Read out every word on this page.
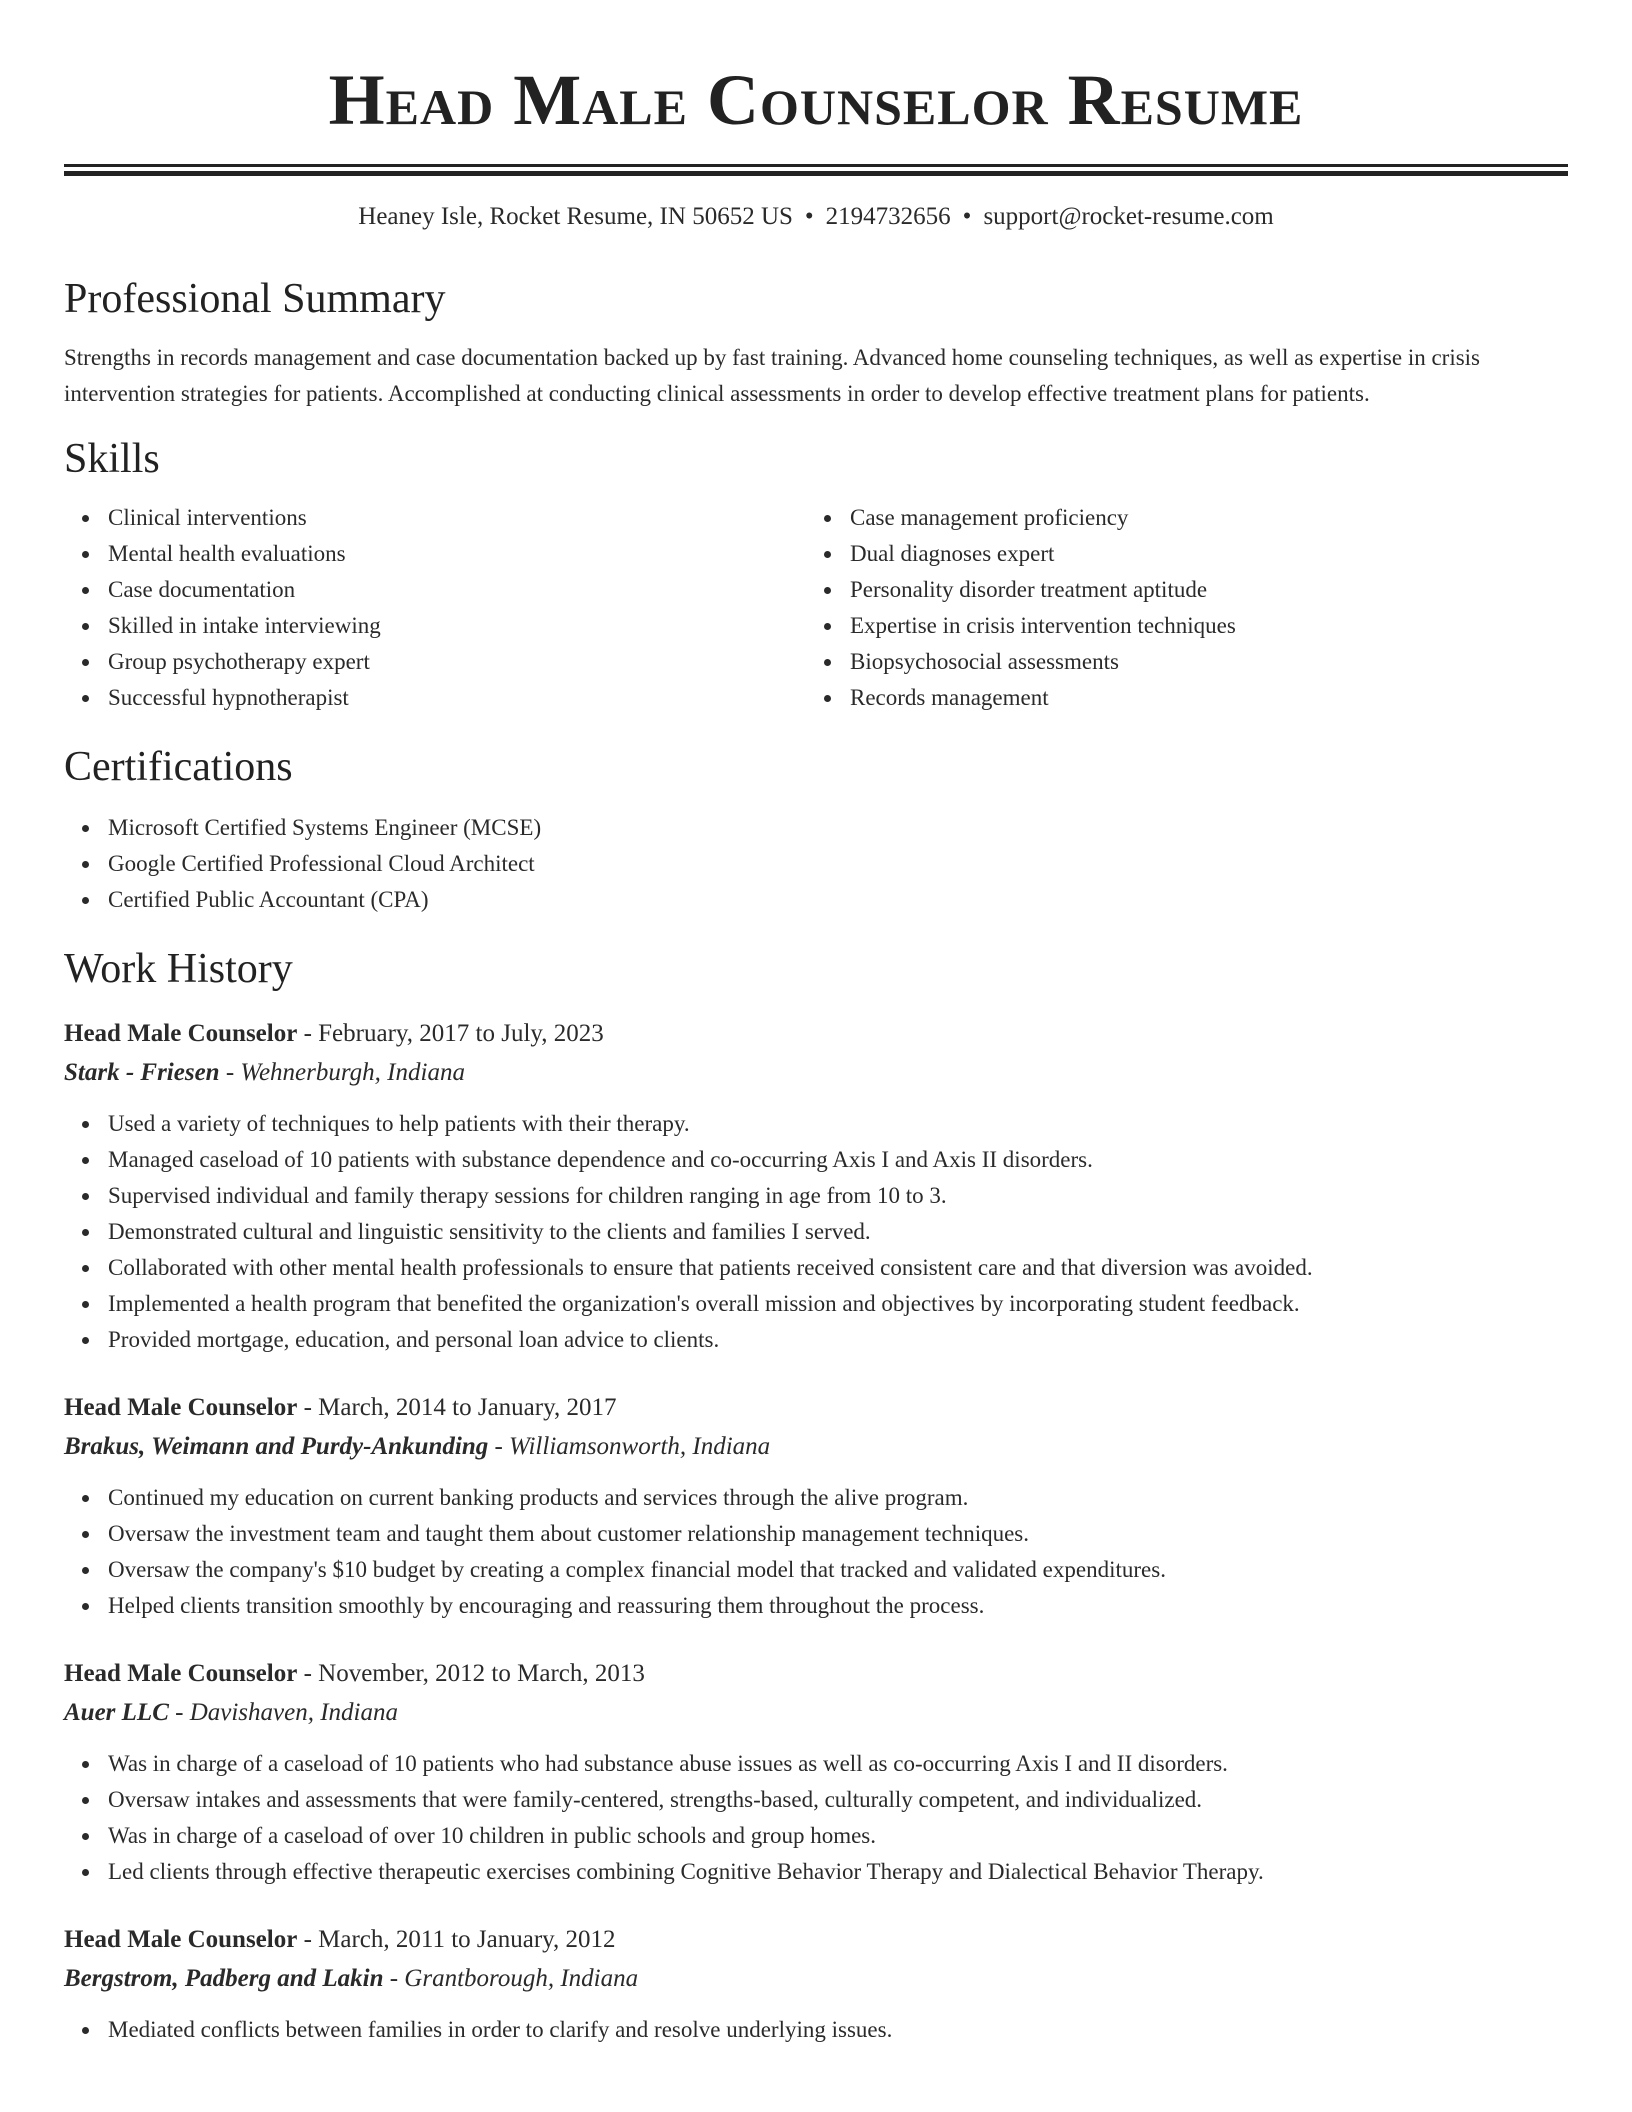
Head Male Counselor Resume
Heaney Isle, Rocket Resume, IN 50652 US • 2194732656 • support@rocket-resume.com
Professional Summary

Strengths in records management and case documentation backed up by fast training. Advanced home counseling techniques, as well as expertise in crisis intervention strategies for patients. Accomplished at conducting clinical assessments in order to develop effective treatment plans for patients.

Skills
Clinical interventions
Mental health evaluations
Case documentation
Skilled in intake interviewing
Group psychotherapy expert
Successful hypnotherapist
Case management proficiency
Dual diagnoses expert
Personality disorder treatment aptitude
Expertise in crisis intervention techniques
Biopsychosocial assessments
Records management
Certifications
Microsoft Certified Systems Engineer (MCSE)
Google Certified Professional Cloud Architect
Certified Public Accountant (CPA)
Work History
Head Male Counselor - February, 2017 to July, 2023
Stark - Friesen - Wehnerburgh, Indiana
Used a variety of techniques to help patients with their therapy.
Managed caseload of 10 patients with substance dependence and co-occurring Axis I and Axis II disorders.
Supervised individual and family therapy sessions for children ranging in age from 10 to 3.
Demonstrated cultural and linguistic sensitivity to the clients and families I served.
Collaborated with other mental health professionals to ensure that patients received consistent care and that diversion was avoided.
Implemented a health program that benefited the organization's overall mission and objectives by incorporating student feedback.
Provided mortgage, education, and personal loan advice to clients.
Head Male Counselor - March, 2014 to January, 2017
Brakus, Weimann and Purdy-Ankunding - Williamsonworth, Indiana
Continued my education on current banking products and services through the alive program.
Oversaw the investment team and taught them about customer relationship management techniques.
Oversaw the company's $10 budget by creating a complex financial model that tracked and validated expenditures.
Helped clients transition smoothly by encouraging and reassuring them throughout the process.
Head Male Counselor - November, 2012 to March, 2013
Auer LLC - Davishaven, Indiana
Was in charge of a caseload of 10 patients who had substance abuse issues as well as co-occurring Axis I and II disorders.
Oversaw intakes and assessments that were family-centered, strengths-based, culturally competent, and individualized.
Was in charge of a caseload of over 10 children in public schools and group homes.
Led clients through effective therapeutic exercises combining Cognitive Behavior Therapy and Dialectical Behavior Therapy.
Head Male Counselor - March, 2011 to January, 2012
Bergstrom, Padberg and Lakin - Grantborough, Indiana
Mediated conflicts between families in order to clarify and resolve underlying issues.
